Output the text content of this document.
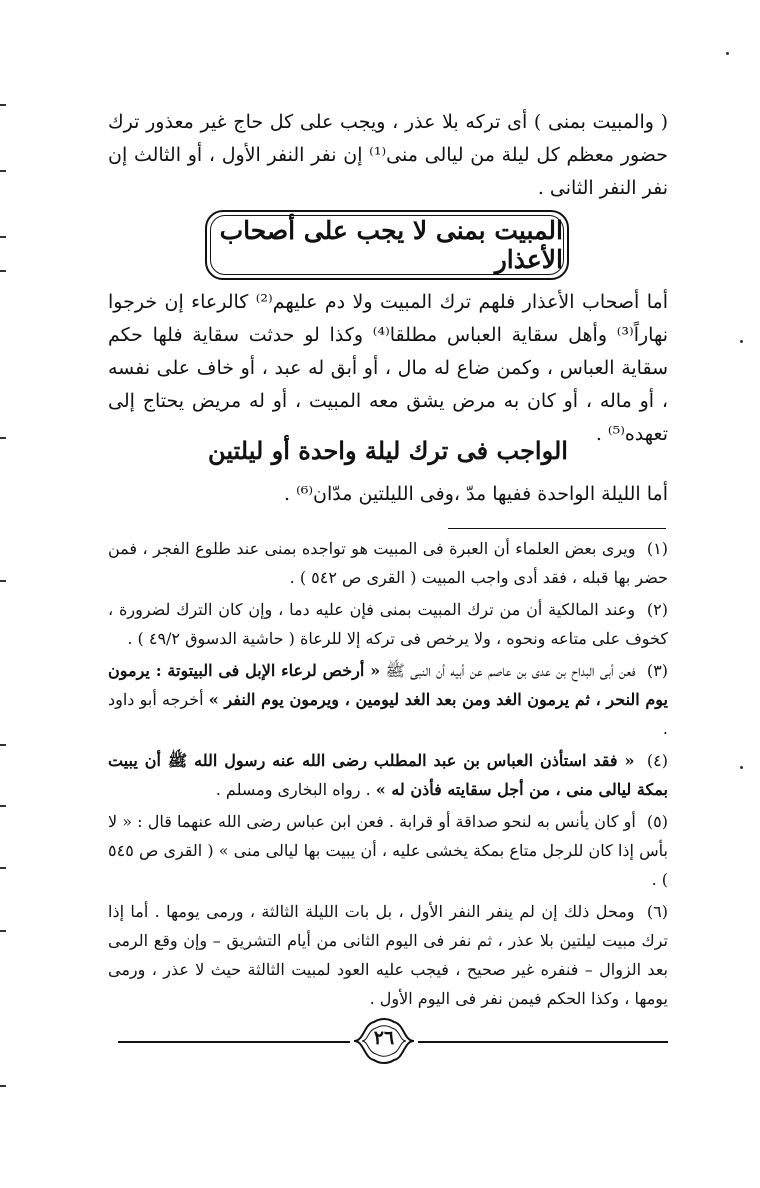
( والمبيت بمنى ) أى تركه بلا عذر ، ويجب على كل حاج غير معذور ترك حضور معظم كل ليلة من ليالى منى⁽¹⁾ إن نفر النفر الأول ، أو الثالث إن نفر النفر الثانى .
المبيت بمنى لا يجب على أصحاب الأعذار
أما أصحاب الأعذار فلهم ترك المبيت ولا دم عليهم⁽²⁾ كالرعاء إن خرجوا نهاراً⁽³⁾ وأهل سقاية العباس مطلقا⁽⁴⁾ وكذا لو حدثت سقاية فلها حكم سقاية العباس ، وكمن ضاع له مال ، أو أبق له عبد ، أو خاف على نفسه ، أو ماله ، أو كان به مرض يشق معه المبيت ، أو له مريض يحتاج إلى تعهده⁽⁵⁾ .
الواجب فى ترك ليلة واحدة أو ليلتين
أما الليلة الواحدة ففيها مدّ ،وفى الليلتين مدّان⁽⁶⁾ .
(١) ويرى بعض العلماء أن العبرة فى المبيت هو تواجده بمنى عند طلوع الفجر ، فمن حضر بها قبله ، فقد أدى واجب المبيت ( القرى ص ٥٤٢ ) .
(٢) وعند المالكية أن من ترك المبيت بمنى فإن عليه دما ، وإن كان الترك لضرورة ، كخوف على متاعه ونحوه ، ولا يرخص فى تركه إلا للرعاة ( حاشية الدسوق ٤٩/٢ ) .
(٣) فعن أبى البداح بن عدى بن عاصم عن أبيه أن النبى ﷺ « أرخص لرعاء الإبل فى البيتوتة : يرمون يوم النحر ، ثم يرمون الغد ومن بعد الغد ليومين ، ويرمون يوم النفر » أخرجه أبو داود .
(٤) « فقد استأذن العباس بن عبد المطلب رضى الله عنه رسول الله ﷺ أن يبيت بمكة ليالى منى ، من أجل سقايته فأذن له » . رواه البخارى ومسلم .
(٥) أو كان يأنس به لنحو صداقة أو قرابة . فعن ابن عباس رضى الله عنهما قال : « لا بأس إذا كان للرجل متاع بمكة يخشى عليه ، أن يبيت بها ليالى منى » ( القرى ص ٥٤٥ ) .
(٦) ومحل ذلك إن لم ينفر النفر الأول ، بل بات الليلة الثالثة ، ورمى يومها . أما إذا ترك مبيت ليلتين بلا عذر ، ثم نفر فى اليوم الثانى من أيام التشريق – وإن وقع الرمى بعد الزوال – فنفره غير صحيح ، فيجب عليه العود لمبيت الثالثة حيث لا عذر ، ورمى يومها ، وكذا الحكم فيمن نفر فى اليوم الأول .
٢٦
